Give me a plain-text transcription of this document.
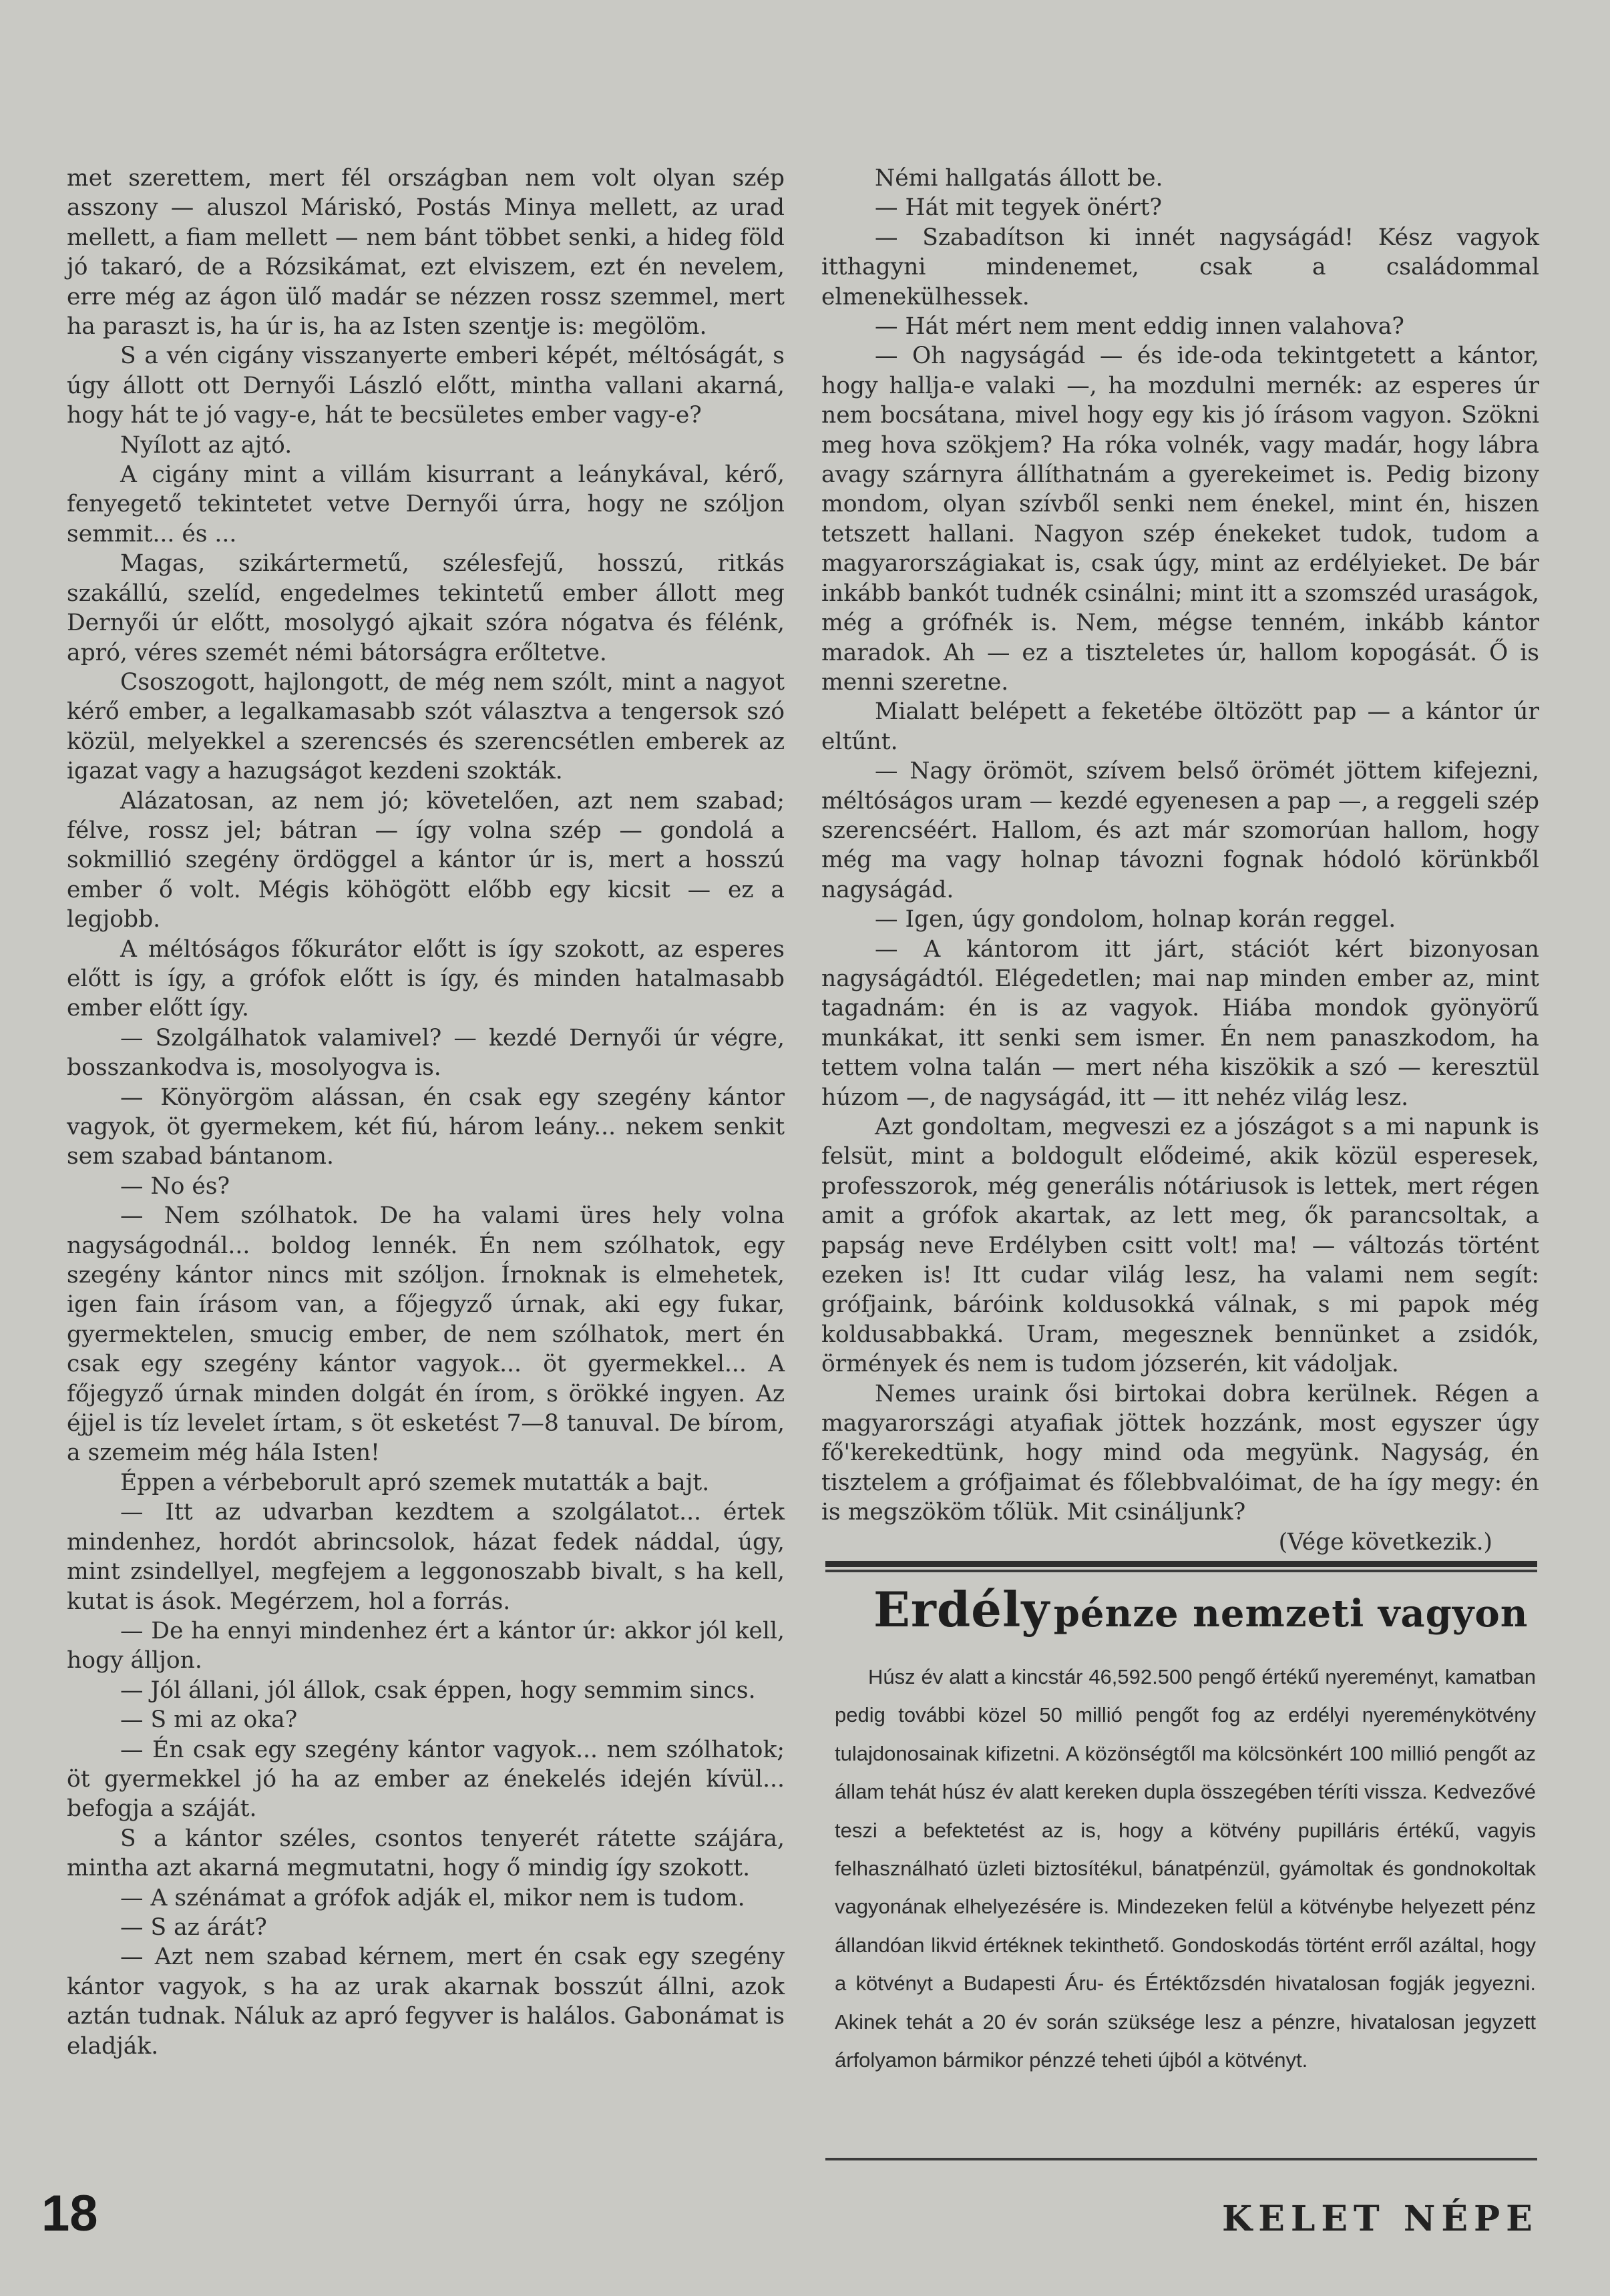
met szerettem, mert fél országban nem volt olyan szép asszony — aluszol Máriskó, Postás Minya mellett, az urad mellett, a fiam mellett — nem bánt többet senki, a hideg föld jó takaró, de a Rózsikámat, ezt elviszem, ezt én nevelem, erre még az ágon ülő madár se nézzen rossz szemmel, mert ha paraszt is, ha úr is, ha az Isten szentje is: megölöm.

S a vén cigány visszanyerte emberi képét, méltóságát, s úgy állott ott Dernyői László előtt, mintha vallani akarná, hogy hát te jó vagy-e, hát te becsületes ember vagy-e?

Nyílott az ajtó.

A cigány mint a villám kisurrant a leánykával, kérő, fenyegető tekintetet vetve Dernyői úrra, hogy ne szóljon semmit... és ...

Magas, szikártermetű, szélesfejű, hosszú, ritkás szakállú, szelíd, engedelmes tekintetű ember állott meg Dernyői úr előtt, mosolygó ajkait szóra nógatva és félénk, apró, véres szemét némi bátorságra erőltetve.

Csoszogott, hajlongott, de még nem szólt, mint a nagyot kérő ember, a legalkamasabb szót választva a tengersok szó közül, melyekkel a szerencsés és szerencsétlen emberek az igazat vagy a hazugságot kezdeni szokták.

Alázatosan, az nem jó; követelően, azt nem szabad; félve, rossz jel; bátran — így volna szép — gondolá a sokmillió szegény ördöggel a kántor úr is, mert a hosszú ember ő volt. Mégis köhögött előbb egy kicsit — ez a legjobb.

A méltóságos főkurátor előtt is így szokott, az esperes előtt is így, a grófok előtt is így, és minden hatalmasabb ember előtt így.

— Szolgálhatok valamivel? — kezdé Dernyői úr végre, bosszankodva is, mosolyogva is.

— Könyörgöm alássan, én csak egy szegény kántor vagyok, öt gyermekem, két fiú, három leány... nekem senkit sem szabad bántanom.

— No és?

— Nem szólhatok. De ha valami üres hely volna nagyságodnál... boldog lennék. Én nem szólhatok, egy szegény kántor nincs mit szóljon. Írnoknak is elmehetek, igen fain írásom van, a főjegyző úrnak, aki egy fukar, gyermektelen, smucig ember, de nem szólhatok, mert én csak egy szegény kántor vagyok... öt gyermekkel... A főjegyző úrnak minden dolgát én írom, s örökké ingyen. Az éjjel is tíz levelet írtam, s öt esketést 7—8 tanuval. De bírom, a szemeim még hála Isten!

Éppen a vérbeborult apró szemek mutatták a bajt.

— Itt az udvarban kezdtem a szolgálatot... értek mindenhez, hordót abrincsolok, házat fedek náddal, úgy, mint zsindellyel, megfejem a leggonoszabb bivalt, s ha kell, kutat is ások. Megérzem, hol a forrás.

— De ha ennyi mindenhez ért a kántor úr: akkor jól kell, hogy álljon.

— Jól állani, jól állok, csak éppen, hogy semmim sincs.

— S mi az oka?

— Én csak egy szegény kántor vagyok... nem szólhatok; öt gyermekkel jó ha az ember az énekelés idején kívül... befogja a száját.

S a kántor széles, csontos tenyerét rátette szájára, mintha azt akarná megmutatni, hogy ő mindig így szokott.

— A szénámat a grófok adják el, mikor nem is tudom.

— S az árát?

— Azt nem szabad kérnem, mert én csak egy szegény kántor vagyok, s ha az urak akarnak bosszút állni, azok aztán tudnak. Náluk az apró fegyver is halálos. Gabonámat is eladják.

Némi hallgatás állott be.

— Hát mit tegyek önért?

— Szabadítson ki innét nagyságád! Kész vagyok itthagyni mindenemet, csak a családommal elmenekülhessek.

— Hát mért nem ment eddig innen valahova?

— Oh nagyságád — és ide-oda tekintgetett a kántor, hogy hallja-e valaki —, ha mozdulni mernék: az esperes úr nem bocsátana, mivel hogy egy kis jó írásom vagyon. Szökni meg hova szökjem? Ha róka volnék, vagy madár, hogy lábra avagy szárnyra állíthatnám a gyerekeimet is. Pedig bizony mondom, olyan szívből senki nem énekel, mint én, hiszen tetszett hallani. Nagyon szép énekeket tudok, tudom a magyarországiakat is, csak úgy, mint az erdélyieket. De bár inkább bankót tudnék csinálni; mint itt a szomszéd uraságok, még a grófnék is. Nem, mégse tenném, inkább kántor maradok. Ah — ez a tiszteletes úr, hallom kopogását. Ő is menni szeretne.

Mialatt belépett a feketébe öltözött pap — a kántor úr eltűnt.

— Nagy örömöt, szívem belső örömét jöttem kifejezni, méltóságos uram — kezdé egyenesen a pap —, a reggeli szép szerencséért. Hallom, és azt már szomorúan hallom, hogy még ma vagy holnap távozni fognak hódoló körünkből nagyságád.

— Igen, úgy gondolom, holnap korán reggel.

— A kántorom itt járt, stációt kért bizonyosan nagyságádtól. Elégedetlen; mai nap minden ember az, mint tagadnám: én is az vagyok. Hiába mondok gyönyörű munkákat, itt senki sem ismer. Én nem panaszkodom, ha tettem volna talán — mert néha kiszökik a szó — keresztül húzom —, de nagyságád, itt — itt nehéz világ lesz.

Azt gondoltam, megveszi ez a jószágot s a mi napunk is felsüt, mint a boldogult elődeimé, akik közül esperesek, professzorok, még generális nótáriusok is lettek, mert régen amit a grófok akartak, az lett meg, ők parancsoltak, a papság neve Erdélyben csitt volt! ma! — változás történt ezeken is! Itt cudar világ lesz, ha valami nem segít: grófjaink, báróink koldusokká válnak, s mi papok még koldusabbakká. Uram, megesznek bennünket a zsidók, örmények és nem is tudom józserén, kit vádoljak.

Nemes uraink ősi birtokai dobra kerülnek. Régen a magyarországi atyafiak jöttek hozzánk, most egyszer úgy fő'kerekedtünk, hogy mind oda megyünk. Nagyság, én tisztelem a grófjaimat és főlebbvalóimat, de ha így megy: én is megszököm tőlük. Mit csináljunk?

(Vége következik.)

Erdély pénze nemzeti vagyon

Húsz év alatt a kincstár 46,592.500 pengő értékű nyereményt, kamatban pedig további közel 50 millió pengőt fog az erdélyi nyereménykötvény tulajdonosainak kifizetni. A közönségtől ma kölcsönkért 100 millió pengőt az állam tehát húsz év alatt kereken dupla összegében téríti vissza. Kedvezővé teszi a befektetést az is, hogy a kötvény pupilláris értékű, vagyis felhasználható üzleti biztosítékul, bánatpénzül, gyámoltak és gondnokoltak vagyonának elhelyezésére is. Mindezeken felül a kötvénybe helyezett pénz állandóan likvid értéknek tekinthető. Gondoskodás történt erről azáltal, hogy a kötvényt a Budapesti Áru- és Értéktőzsdén hivatalosan fogják jegyezni. Akinek tehát a 20 év során szüksége lesz a pénzre, hivatalosan jegyzett árfolyamon bármikor pénzzé teheti újból a kötvényt.

18	KELET NÉPE
